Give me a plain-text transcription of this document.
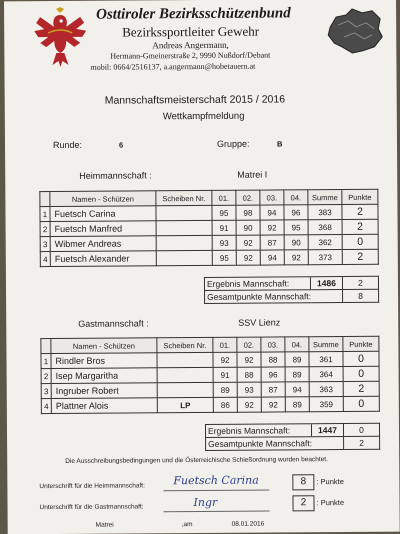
Osttiroler Bezirksschützenbund
Bezirkssportleiter Gewehr
Andreas Angermann,
Hermann-Gmeinerstraße 2, 9990 Nußdorf/Debant
mobil: 0664/2516137, a.angermann@hobetauern.at
Mannschaftsmeisterschaft 2015 / 2016
Wettkampfmeldung
Runde:	6	Gruppe:	B
Heimmannschaft :	Matrei I
	Namen - Schützen	Scheiben Nr.	01.	02.	03.	04.	Summe	Punkte
1	Fuetsch Carina		95	98	94	96	383	2
2	Fuetsch Manfred		91	90	92	95	368	2
3	Wibmer Andreas		93	92	87	90	362	0
4	Fuetsch Alexander		95	92	94	92	373	2
Ergebnis Mannschaft:	1486	2
Gesamtpunkte Mannschaft:		8
Gastmannschaft :	SSV Lienz
	Namen - Schützen	Scheiben Nr.	01.	02.	03.	04.	Summe	Punkte
1	Rindler Bros		92	92	88	89	361	0
2	Isep Margaritha		91	88	96	89	364	0
3	Ingruber Robert		89	93	87	94	363	2
4	Plattner Alois	LP	86	92	92	89	359	0
Ergebnis Mannschaft:	1447	0
Gesamtpunkte Mannschaft:		2
Die Ausschreibungsbedingungen und die Österreichische Schießordnung wurden beachtet.
Unterschrift für die Heimmannschaft:	Fuetsch Carina	8	: Punkte
Unterschrift für die Gastmannschaft:	Ingr	2	: Punkte
Matrei	,am	08.01.2016
